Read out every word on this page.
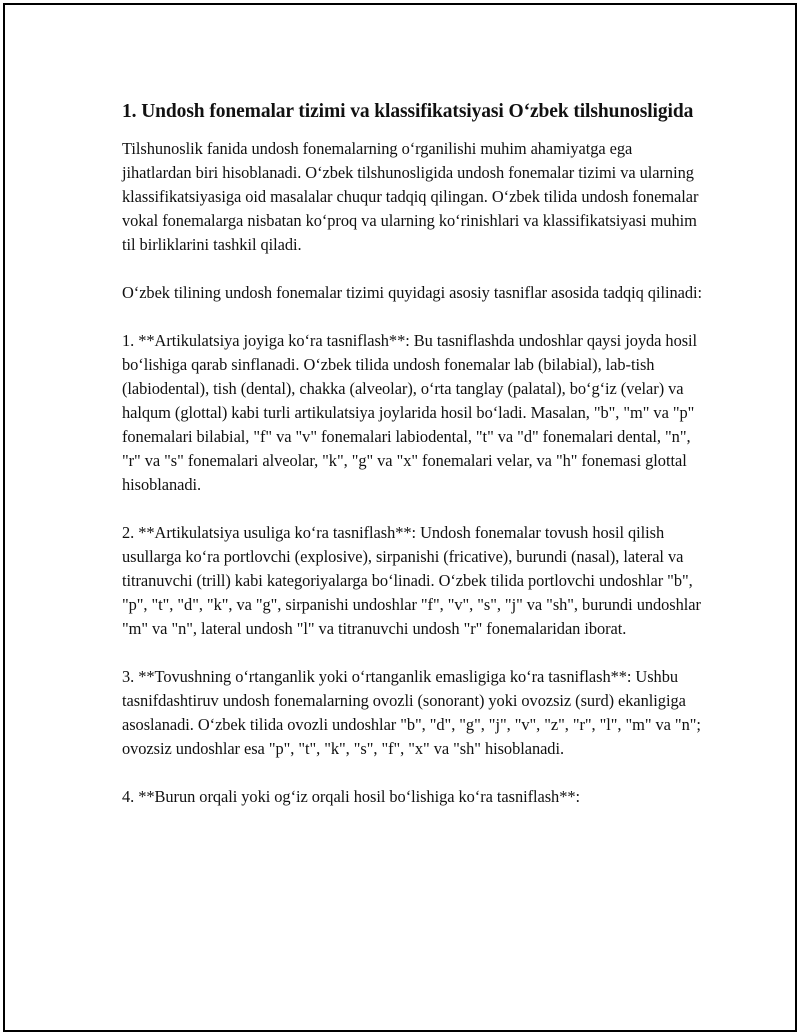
1. Undosh fonemalar tizimi va klassifikatsiyasi O‘zbek tilshunosligida

Tilshunoslik fanida undosh fonemalarning o‘rganilishi muhim ahamiyatga ega jihatlardan biri hisoblanadi. O‘zbek tilshunosligida undosh fonemalar tizimi va ularning klassifikatsiyasiga oid masalalar chuqur tadqiq qilingan. O‘zbek tilida undosh fonemalar vokal fonemalarga nisbatan ko‘proq va ularning ko‘rinishlari va klassifikatsiyasi muhim til birliklarini tashkil qiladi.

O‘zbek tilining undosh fonemalar tizimi quyidagi asosiy tasniflar asosida tadqiq qilinadi:

1. **Artikulatsiya joyiga ko‘ra tasniflash**: Bu tasniflashda undoshlar qaysi joyda hosil bo‘lishiga qarab sinflanadi. O‘zbek tilida undosh fonemalar lab (bilabial), lab-tish (labiodental), tish (dental), chakka (alveolar), o‘rta tanglay (palatal), bo‘g‘iz (velar) va halqum (glottal) kabi turli artikulatsiya joylarida hosil bo‘ladi. Masalan, "b", "m" va "p" fonemalari bilabial, "f" va "v" fonemalari labiodental, "t" va "d" fonemalari dental, "n", "r" va "s" fonemalari alveolar, "k", "g" va "x" fonemalari velar, va "h" fonemasi glottal hisoblanadi.

2. **Artikulatsiya usuliga ko‘ra tasniflash**: Undosh fonemalar tovush hosil qilish usullarga ko‘ra portlovchi (explosive), sirpanishi (fricative), burundi (nasal), lateral va titranuvchi (trill) kabi kategoriyalarga bo‘linadi. O‘zbek tilida portlovchi undoshlar "b", "p", "t", "d", "k", va "g", sirpanishi undoshlar "f", "v", "s", "j" va "sh", burundi undoshlar "m" va "n", lateral undosh "l" va titranuvchi undosh "r" fonemalaridan iborat.

3. **Tovushning o‘rtanganlik yoki o‘rtanganlik emasligiga ko‘ra tasniflash**: Ushbu tasnifdashtiruv undosh fonemalarning ovozli (sonorant) yoki ovozsiz (surd) ekanligiga asoslanadi. O‘zbek tilida ovozli undoshlar "b", "d", "g", "j", "v", "z", "r", "l", "m" va "n"; ovozsiz undoshlar esa "p", "t", "k", "s", "f", "x" va "sh" hisoblanadi.

4. **Burun orqali yoki og‘iz orqali hosil bo‘lishiga ko‘ra tasniflash**:
